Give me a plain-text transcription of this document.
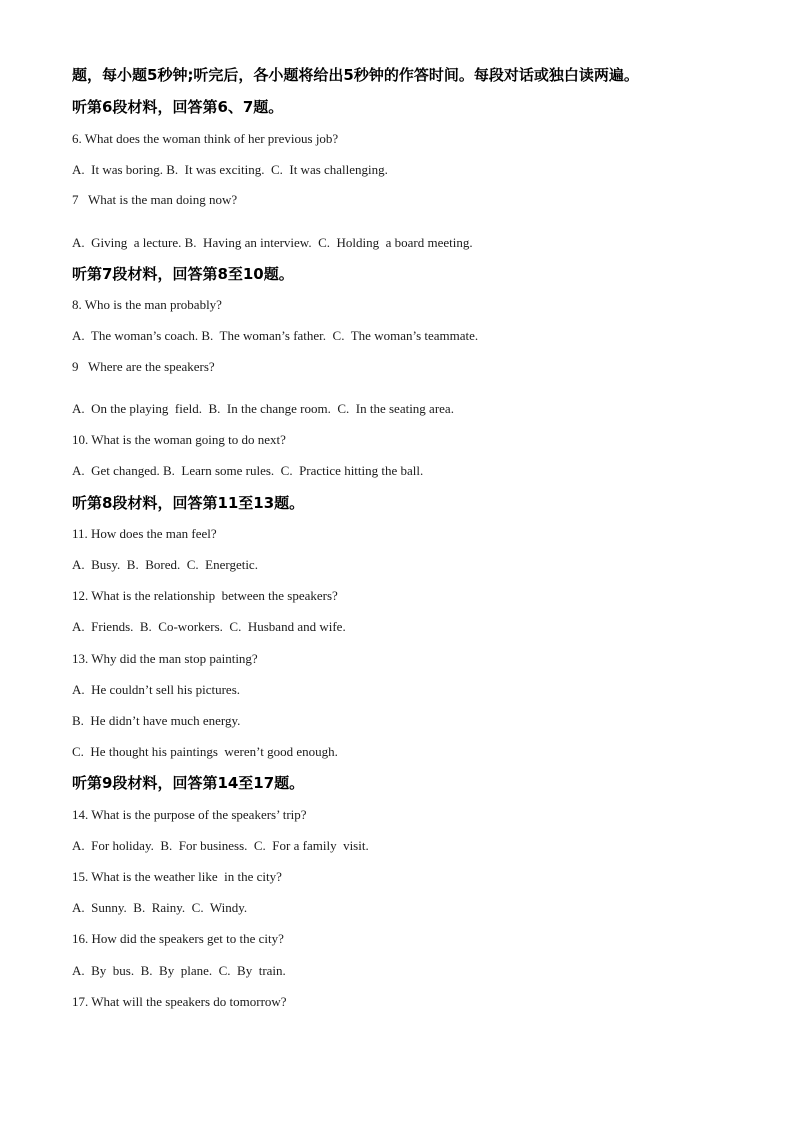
题，每小题5秒钟;听完后，各小题将给出5秒钟的作答时间。每段对话或独白读两遍。
听第6段材料，回答第6、7题。
6. What does the woman think of her previous job?
A.  It was boring. B.  It was exciting.  C.  It was challenging.
7   What is the man doing now?
A.  Giving  a lecture. B.  Having an interview.  C.  Holding  a board meeting.
听第7段材料，回答第8至10题。
8. Who is the man probably?
A.  The woman’s coach. B.  The woman’s father.  C.  The woman’s teammate.
9   Where are the speakers?
A.  On the playing  field.  B.  In the change room.  C.  In the seating area.
10. What is the woman going to do next?
A.  Get changed. B.  Learn some rules.  C.  Practice hitting the ball.
听第8段材料，回答第11至13题。
11. How does the man feel?
A.  Busy.  B.  Bored.  C.  Energetic.
12. What is the relationship  between the speakers?
A.  Friends.  B.  Co-workers.  C.  Husband and wife.
13. Why did the man stop painting?
A.  He couldn’t sell his pictures.
B.  He didn’t have much energy.
C.  He thought his paintings  weren’t good enough.
听第9段材料，回答第14至17题。
14. What is the purpose of the speakers’ trip?
A.  For holiday.  B.  For business.  C.  For a family  visit.
15. What is the weather like  in the city?
A.  Sunny.  B.  Rainy.  C.  Windy.
16. How did the speakers get to the city?
A.  By  bus.  B.  By  plane.  C.  By  train.
17. What will the speakers do tomorrow?
